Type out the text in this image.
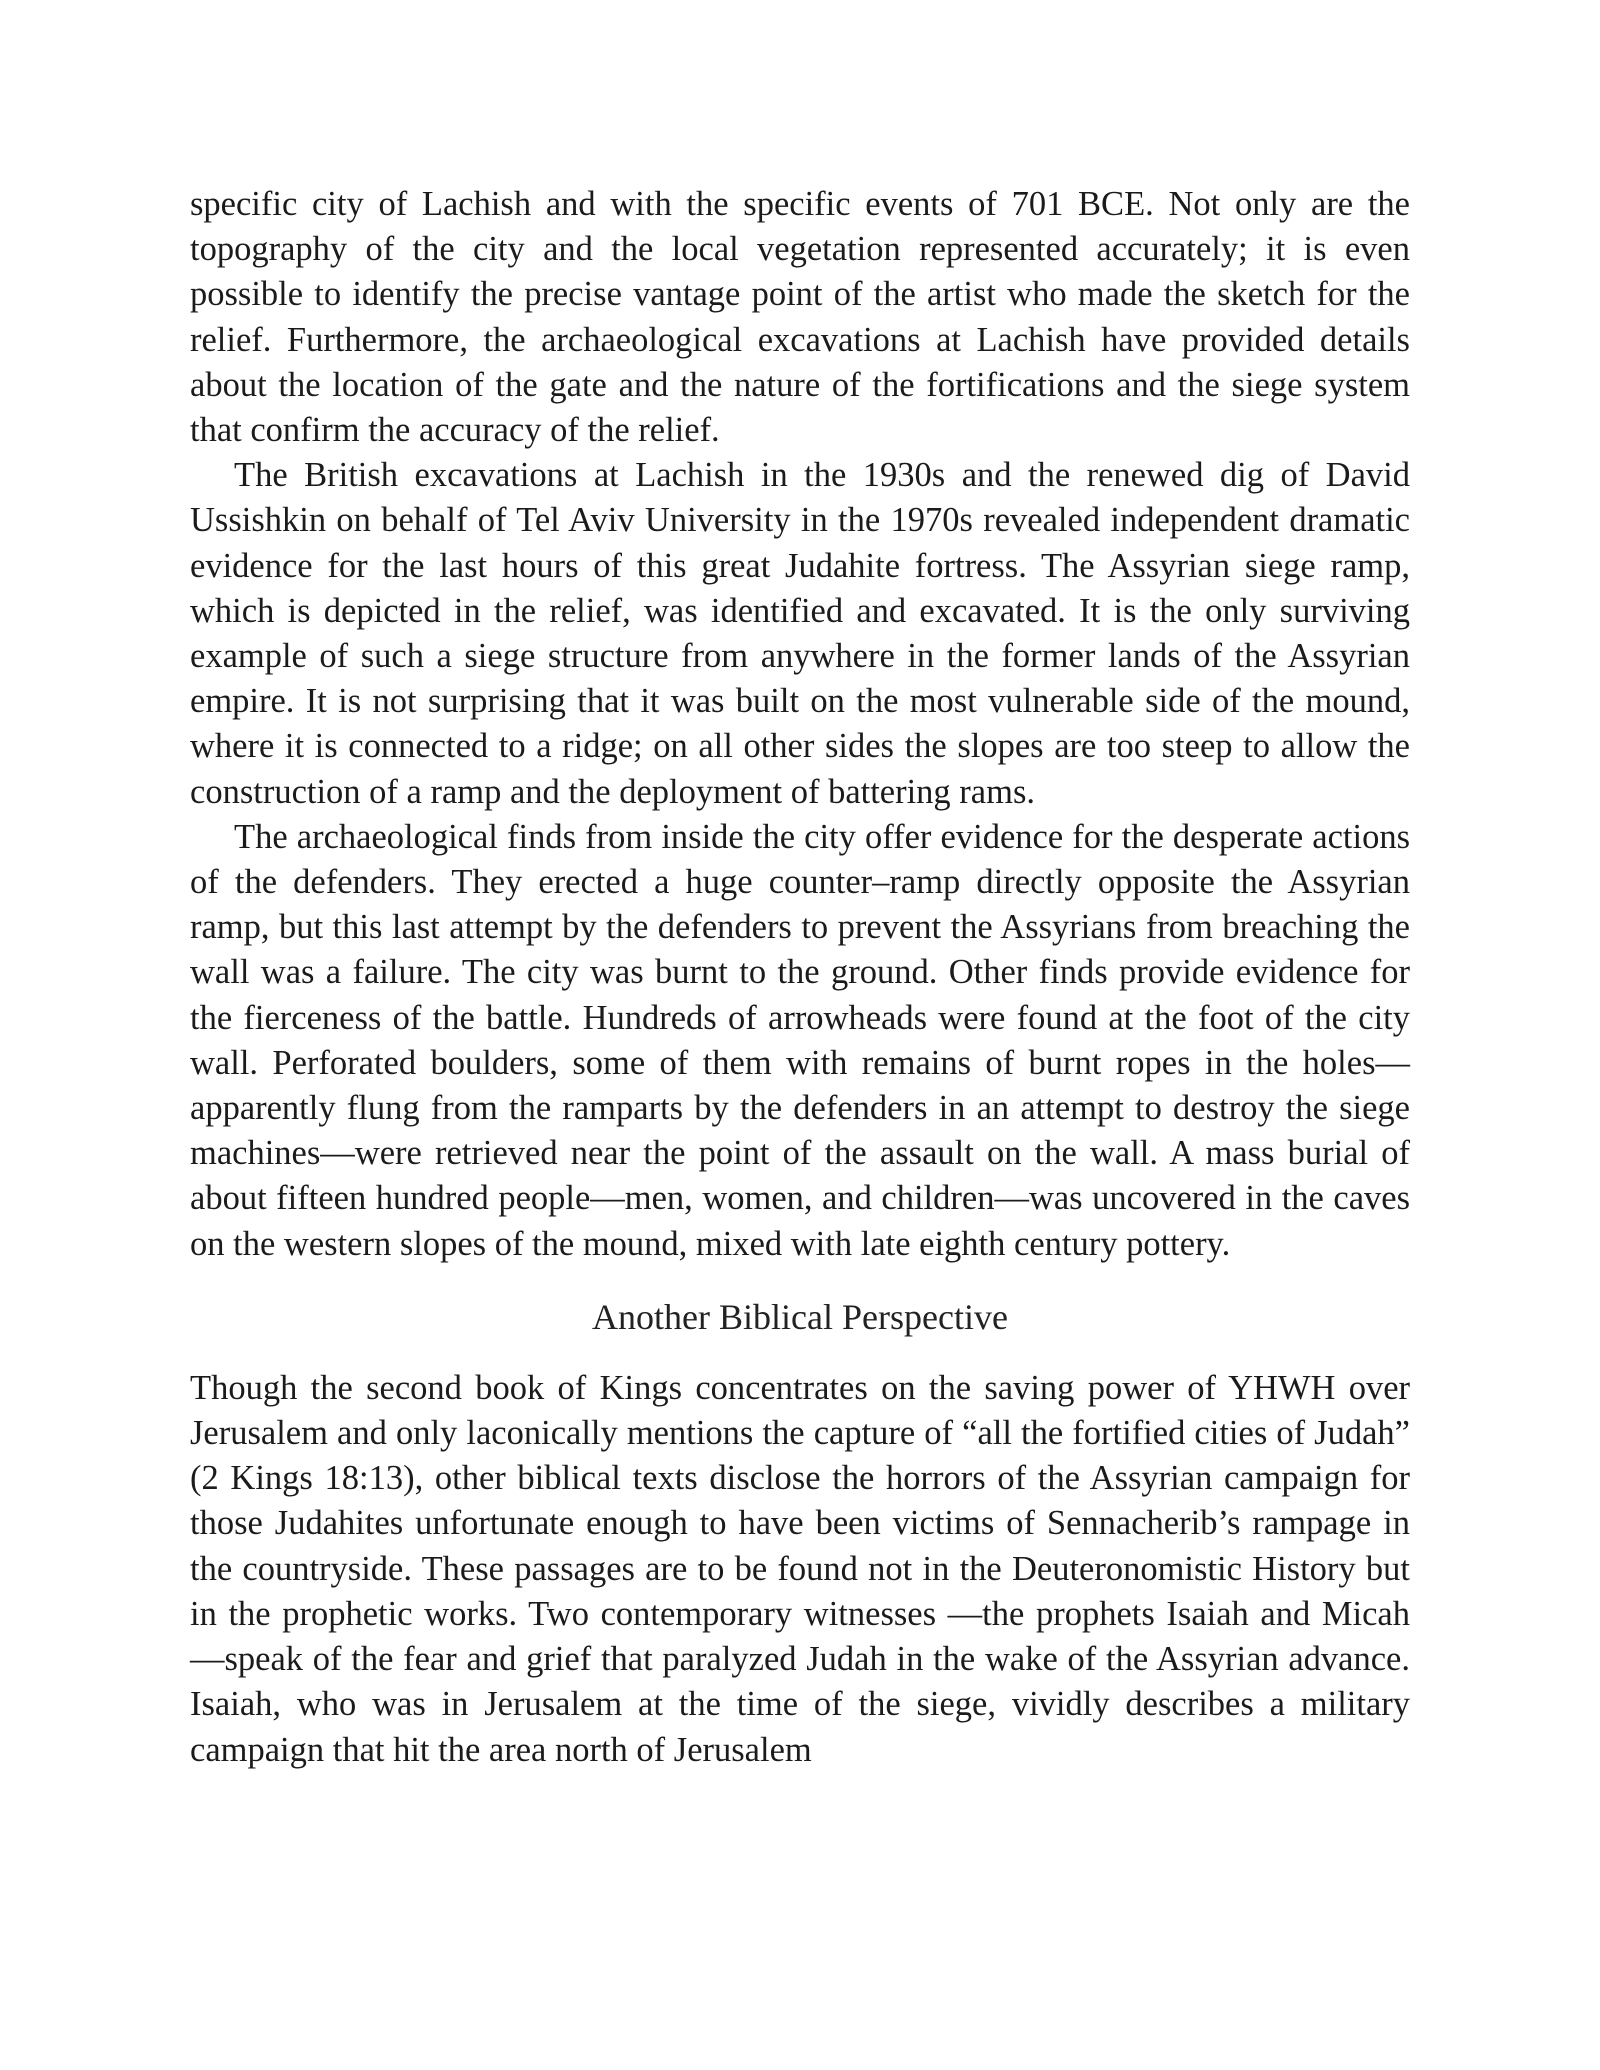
specific city of Lachish and with the specific events of 701 BCE. Not only are the topography of the city and the local vegetation represented accurately; it is even possible to identify the precise vantage point of the artist who made the sketch for the relief. Furthermore, the archaeological excavations at Lachish have provided details about the location of the gate and the nature of the fortifications and the siege system that confirm the accuracy of the relief.

The British excavations at Lachish in the 1930s and the renewed dig of David Ussishkin on behalf of Tel Aviv University in the 1970s revealed independent dramatic evidence for the last hours of this great Judahite fortress. The Assyrian siege ramp, which is depicted in the relief, was identified and excavated. It is the only surviving example of such a siege structure from anywhere in the former lands of the Assyrian empire. It is not surprising that it was built on the most vulnerable side of the mound, where it is connected to a ridge; on all other sides the slopes are too steep to allow the construction of a ramp and the deployment of battering rams.

The archaeological finds from inside the city offer evidence for the desperate actions of the defenders. They erected a huge counter–ramp directly opposite the Assyrian ramp, but this last attempt by the defenders to prevent the Assyrians from breaching the wall was a failure. The city was burnt to the ground. Other finds provide evidence for the fierceness of the battle. Hundreds of arrowheads were found at the foot of the city wall. Perforated boulders, some of them with remains of burnt ropes in the holes—apparently flung from the ramparts by the defenders in an attempt to destroy the siege machines—were retrieved near the point of the assault on the wall. A mass burial of about fifteen hundred people—men, women, and children—was uncovered in the caves on the western slopes of the mound, mixed with late eighth century pottery.

Another Biblical Perspective

Though the second book of Kings concentrates on the saving power of YHWH over Jerusalem and only laconically mentions the capture of “all the fortified cities of Judah” (2 Kings 18:13), other biblical texts disclose the horrors of the Assyrian campaign for those Judahites unfortunate enough to have been victims of Sennacherib’s rampage in the countryside. These passages are to be found not in the Deuteronomistic History but in the prophetic works. Two contemporary witnesses —the prophets Isaiah and Micah—speak of the fear and grief that paralyzed Judah in the wake of the Assyrian advance. Isaiah, who was in Jerusalem at the time of the siege, vividly describes a military campaign that hit the area north of Jerusalem
